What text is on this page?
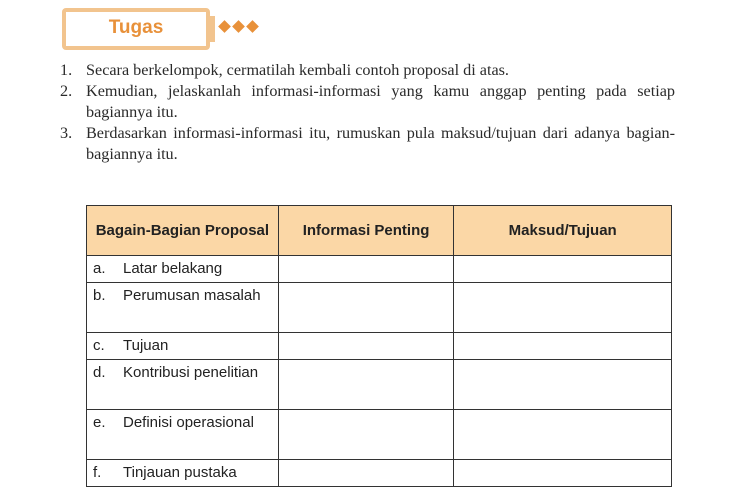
Tugas
1. Secara berkelompok, cermatilah kembali contoh proposal di atas.
2. Kemudian, jelaskanlah informasi-informasi yang kamu anggap penting pada setiap bagiannya itu.
3. Berdasarkan informasi-informasi itu, rumuskan pula maksud/tujuan dari adanya bagian-bagiannya itu.
Bagain-Bagian Proposal	Informasi Penting	Maksud/Tujuan

a. Latar belakang		

b. Perumusan masalah		

c. Tujuan		

d. Kontribusi penelitian		

e. Definisi operasional		

f. Tinjauan pustaka		
